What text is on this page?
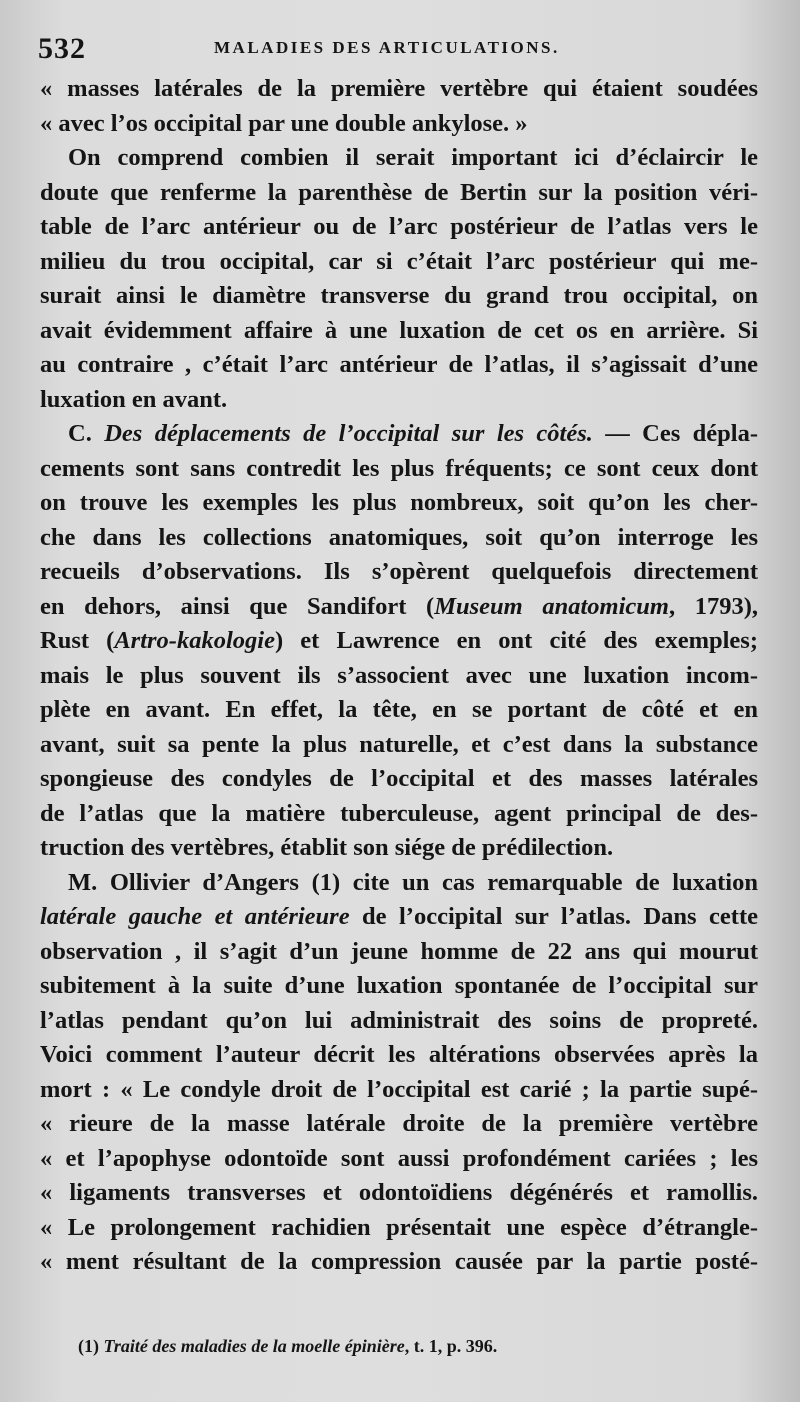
532	MALADIES DES ARTICULATIONS.
« masses latérales de la première vertèbre qui étaient soudées
« avec l’os occipital par une double ankylose. »
On comprend combien il serait important ici d’éclaircir le
doute que renferme la parenthèse de Bertin sur la position véri-
table de l’arc antérieur ou de l’arc postérieur de l’atlas vers le
milieu du trou occipital, car si c’était l’arc postérieur qui me-
surait ainsi le diamètre transverse du grand trou occipital, on
avait évidemment affaire à une luxation de cet os en arrière. Si
au contraire , c’était l’arc antérieur de l’atlas, il s’agissait d’une
luxation en avant.
C. Des déplacements de l’occipital sur les côtés. — Ces dépla-
cements sont sans contredit les plus fréquents; ce sont ceux dont
on trouve les exemples les plus nombreux, soit qu’on les cher-
che dans les collections anatomiques, soit qu’on interroge les
recueils d’observations. Ils s’opèrent quelquefois directement
en dehors, ainsi que Sandifort (Museum anatomicum, 1793),
Rust (Artro-kakologie) et Lawrence en ont cité des exemples;
mais le plus souvent ils s’associent avec une luxation incom-
plète en avant. En effet, la tête, en se portant de côté et en
avant, suit sa pente la plus naturelle, et c’est dans la substance
spongieuse des condyles de l’occipital et des masses latérales
de l’atlas que la matière tuberculeuse, agent principal de des-
truction des vertèbres, établit son siége de prédilection.
M. Ollivier d’Angers (1) cite un cas remarquable de luxation
latérale gauche et antérieure de l’occipital sur l’atlas. Dans cette
observation , il s’agit d’un jeune homme de 22 ans qui mourut
subitement à la suite d’une luxation spontanée de l’occipital sur
l’atlas pendant qu’on lui administrait des soins de propreté.
Voici comment l’auteur décrit les altérations observées après la
mort : « Le condyle droit de l’occipital est carié ; la partie supé-
« rieure de la masse latérale droite de la première vertèbre
« et l’apophyse odontoïde sont aussi profondément cariées ; les
« ligaments transverses et odontoïdiens dégénérés et ramollis.
« Le prolongement rachidien présentait une espèce d’étrangle-
« ment résultant de la compression causée par la partie posté-
(1) Traité des maladies de la moelle épinière, t. 1, p. 396.
